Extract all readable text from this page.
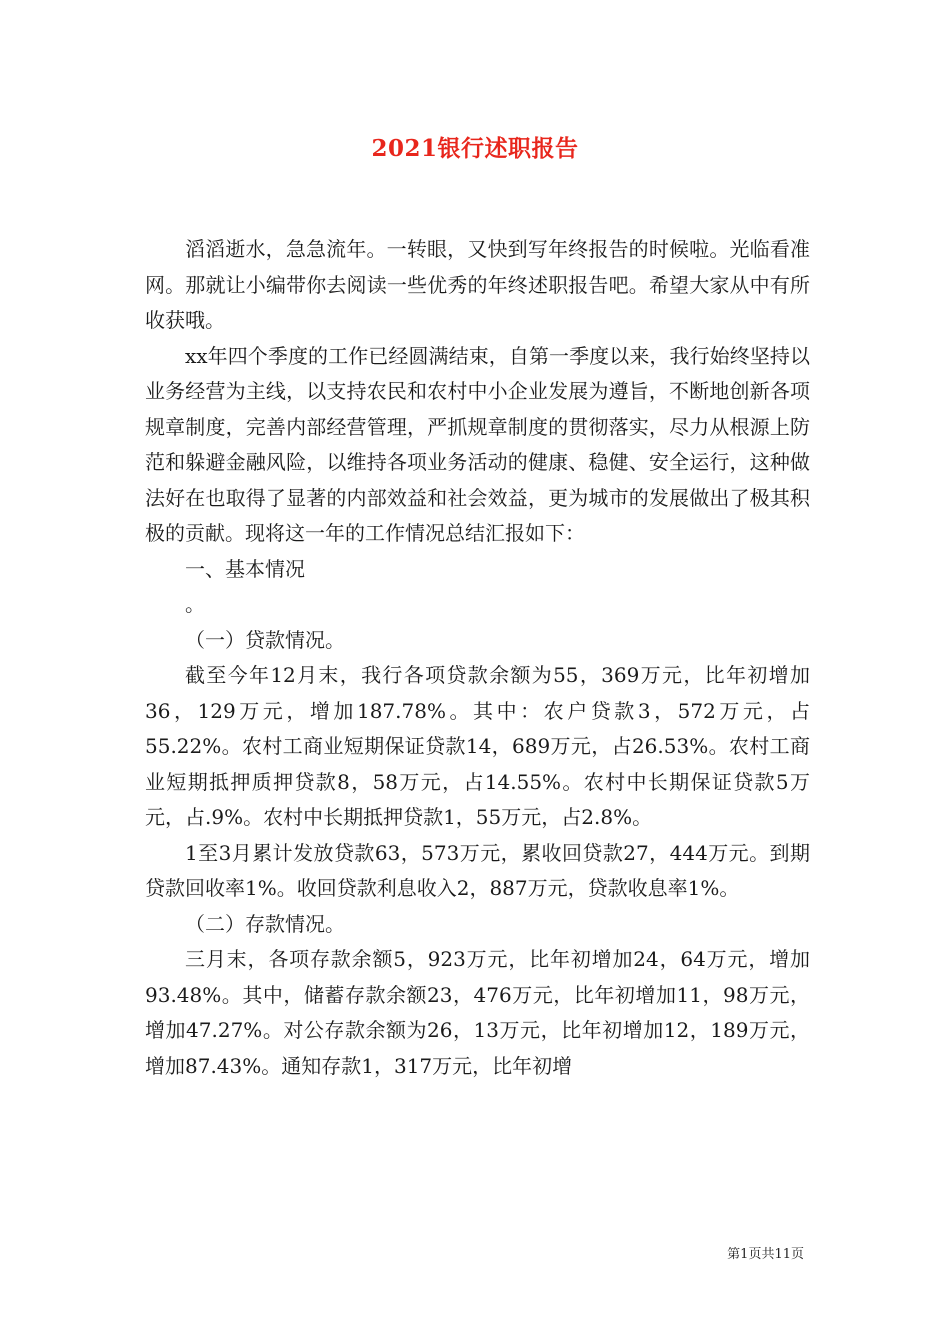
2021银行述职报告

滔滔逝水，急急流年。一转眼，又快到写年终报告的时候啦。光临看准网。那就让小编带你去阅读一些优秀的年终述职报告吧。希望大家从中有所收获哦。

xx年四个季度的工作已经圆满结束，自第一季度以来，我行始终坚持以业务经营为主线，以支持农民和农村中小企业发展为遵旨，不断地创新各项规章制度，完善内部经营管理，严抓规章制度的贯彻落实，尽力从根源上防范和躲避金融风险，以维持各项业务活动的健康、稳健、安全运行，这种做法好在也取得了显著的内部效益和社会效益，更为城市的发展做出了极其积极的贡献。现将这一年的工作情况总结汇报如下：

一、基本情况

。

（一）贷款情况。

截至今年12月末，我行各项贷款余额为55，369万元，比年初增加36，129万元，增加187.78%。其中：农户贷款3，572万元，占55.22%。农村工商业短期保证贷款14，689万元，占26.53%。农村工商业短期抵押质押贷款8，58万元，占14.55%。农村中长期保证贷款5万元，占.9%。农村中长期抵押贷款1，55万元，占2.8%。

1至3月累计发放贷款63，573万元，累收回贷款27，444万元。到期贷款回收率1%。收回贷款利息收入2，887万元，贷款收息率1%。

（二）存款情况。

三月末，各项存款余额5，923万元，比年初增加24，64万元，增加93.48%。其中，储蓄存款余额23，476万元，比年初增加11，98万元，增加47.27%。对公存款余额为26，13万元，比年初增加12，189万元，增加87.43%。通知存款1，317万元，比年初增

第1页共11页
